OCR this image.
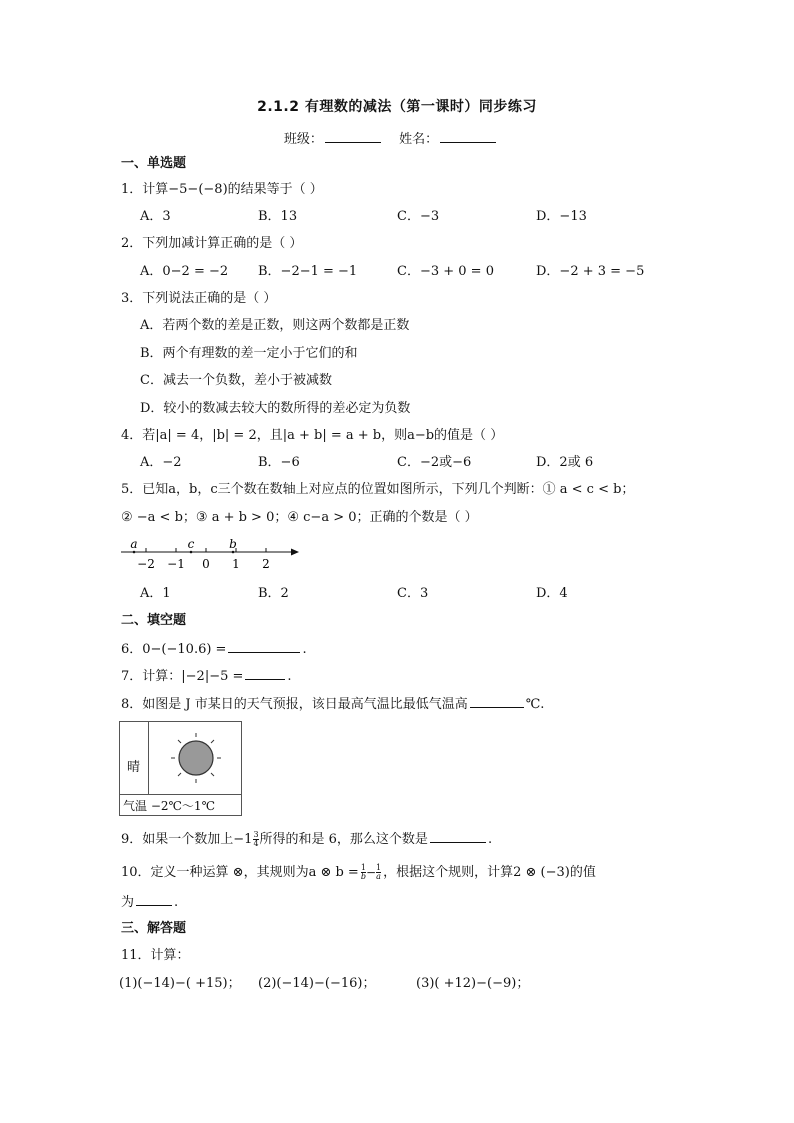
2.1.2 有理数的减法（第一课时）同步练习
班级：	姓名：
一、单选题
1．计算−5−(−8)的结果等于（ ）
A．3	B．13	C．−3	D．−13
2．下列加减计算正确的是（ ）
A．0−2 = −2 B．−2−1 = −1	C．−3 + 0 = 0	D．−2 + 3 = −5
3．下列说法正确的是（ ）
A．若两个数的差是正数，则这两个数都是正数
B．两个有理数的差一定小于它们的和
C．减去一个负数，差小于被减数
D．较小的数减去较大的数所得的差必定为负数
4．若|a| = 4，|b| = 2，且|a + b| = a + b，则a−b的值是（ ）
A．−2	B．−6	C．−2或−6	D．2或 6
5．已知a，b，c三个数在数轴上对应点的位置如图所示，下列几个判断：① a < c < b；
② −a < b；③ a + b > 0；④ c−a > 0；正确的个数是（ ）
−2 −1 0 1 2
a	c	b
A．1	B．2	C．3	D．4
二、填空题
6．0−(−10.6) =	.
7．计算：|−2|−5 =	.
8．如图是 J 市某日的天气预报，该日最高气温比最低气温高	℃.
晴
气温 −2℃～1℃
9．如果一个数加上$-1 \frac{3}{4}$ 所得的和是 6，那么这个数是	.
10．定义一种运算 ⊗，其规则为a ⊗ $b = \frac{1}{b} - \frac{1}{a}$ ，根据这个规则，计算2 ⊗ (−3)的值
为	.
三、解答题
11．计算：
(1)(−14)−( +15)； (2)(−14)−(−16)；	(3)( +12)−(−9)；
